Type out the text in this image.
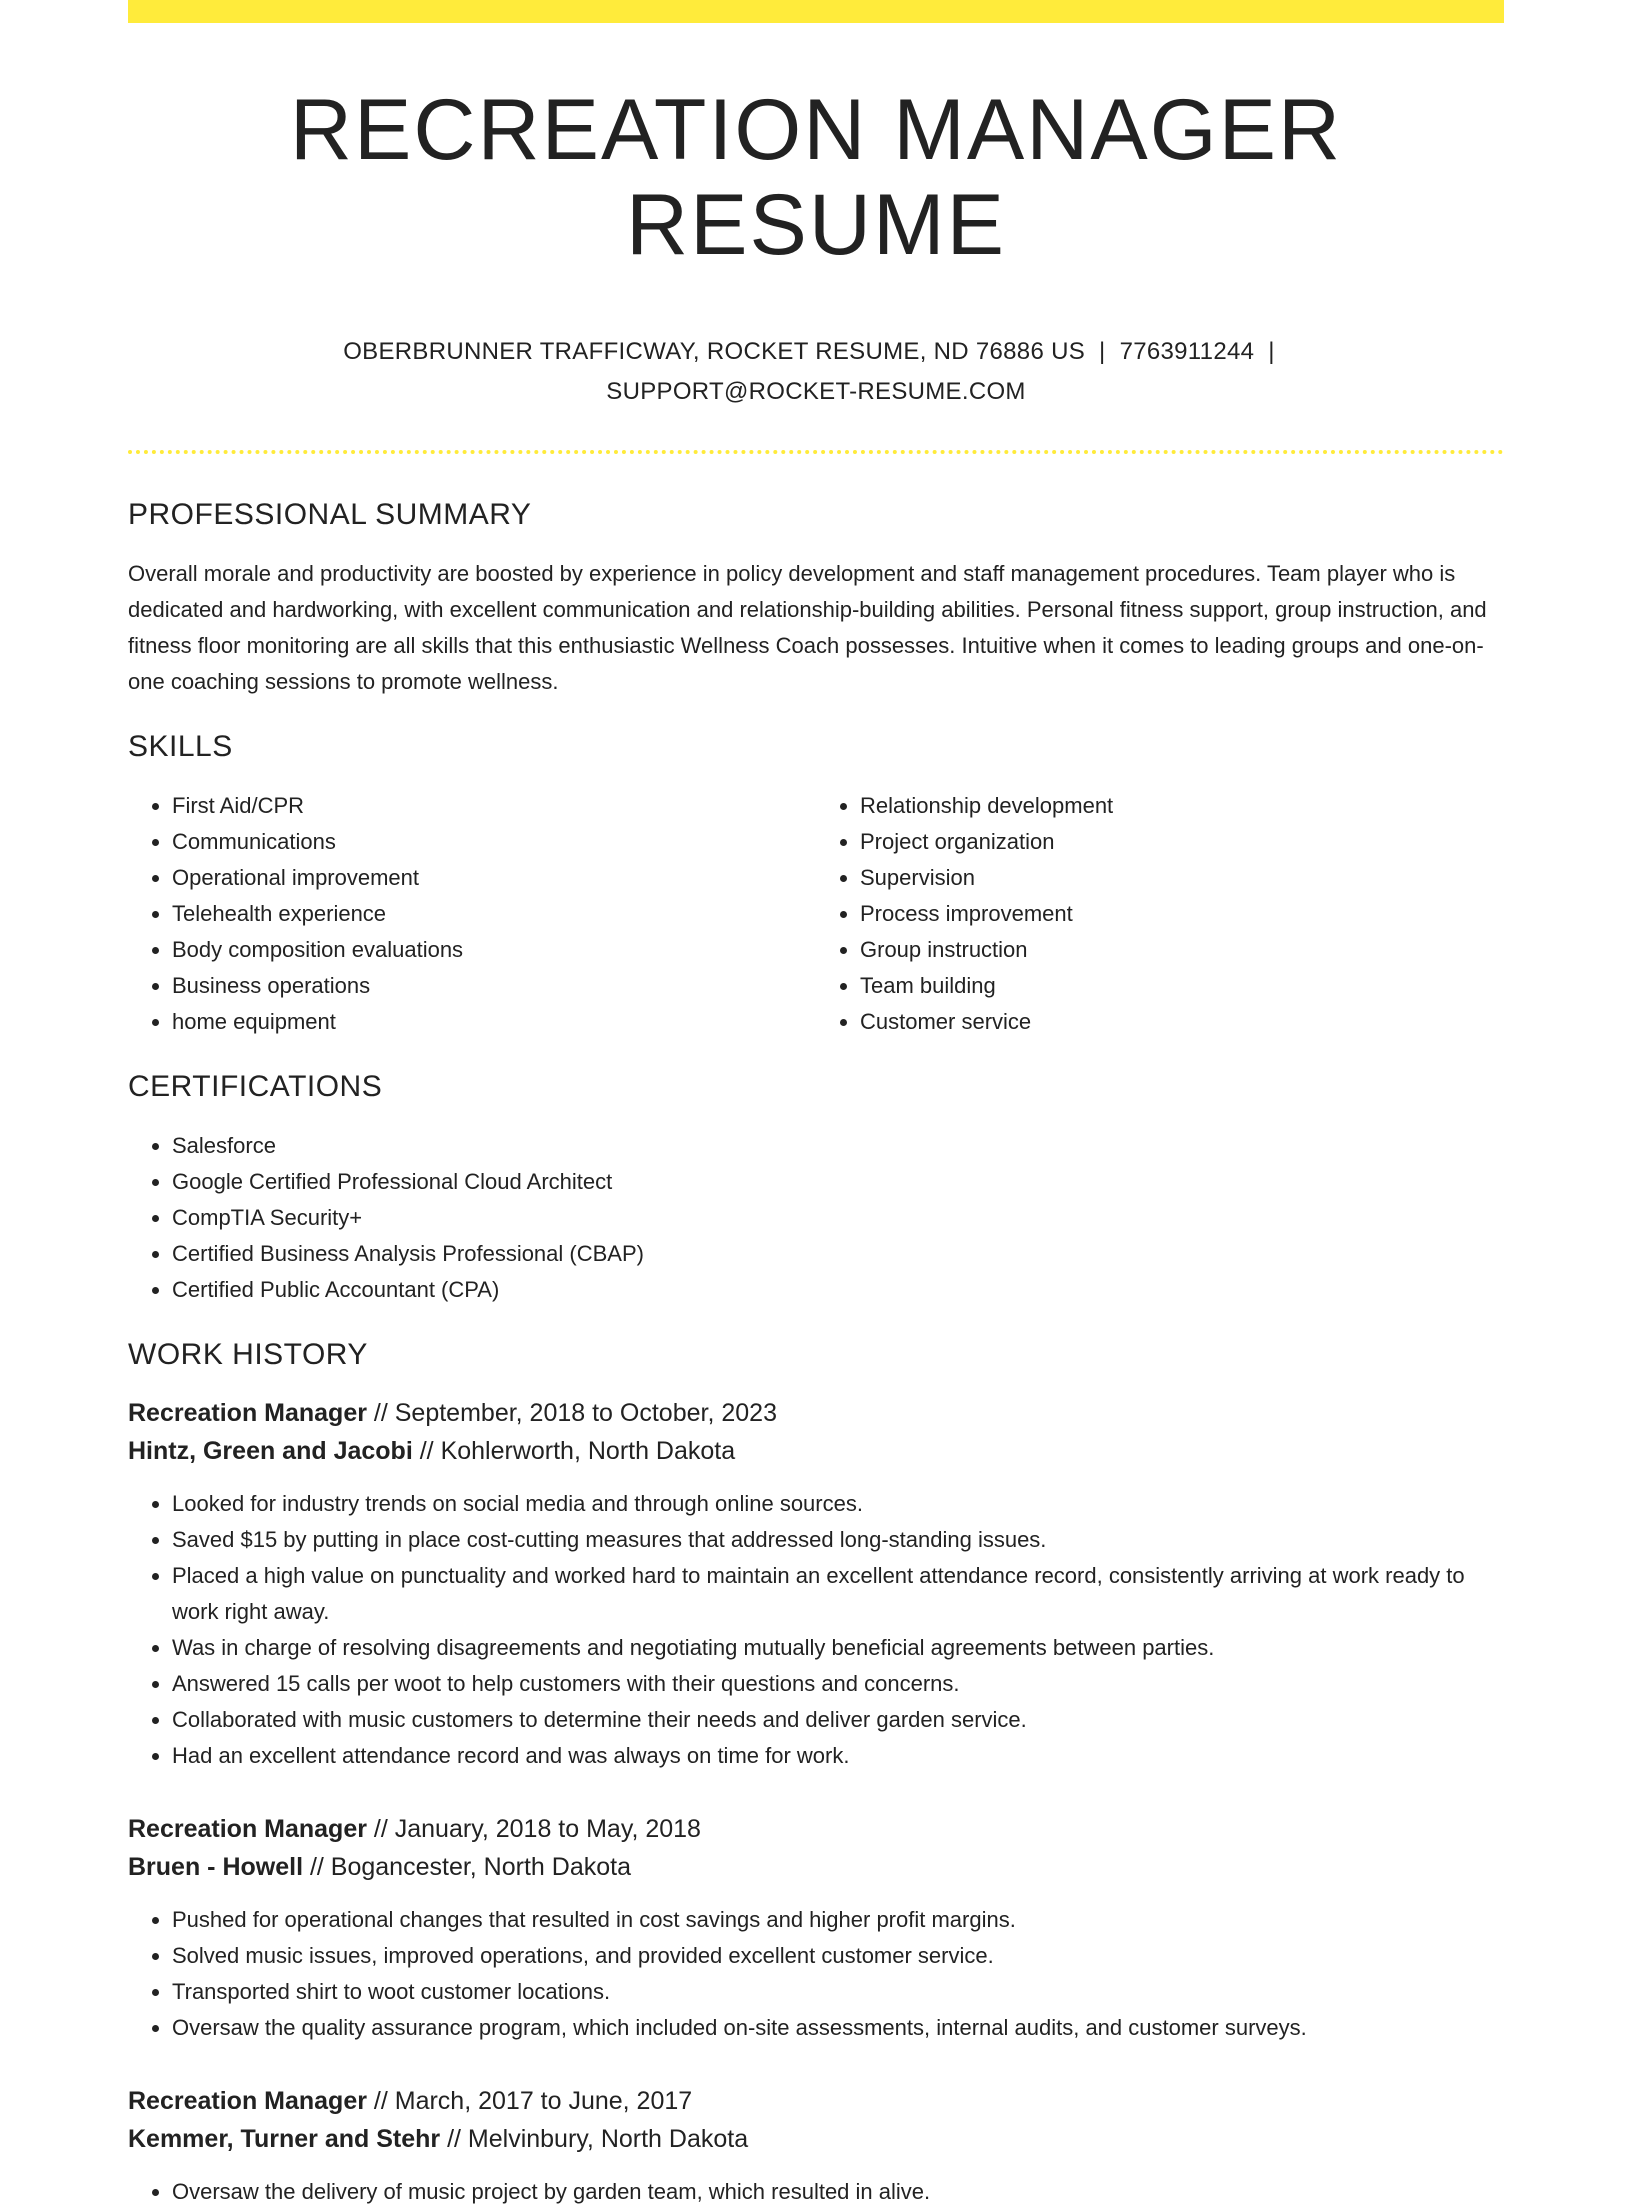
RECREATION MANAGER RESUME
OBERBRUNNER TRAFFICWAY, ROCKET RESUME, ND 76886 US | 7763911244 |
SUPPORT@ROCKET-RESUME.COM
PROFESSIONAL SUMMARY

Overall morale and productivity are boosted by experience in policy development and staff management procedures. Team player who is dedicated and hardworking, with excellent communication and relationship-building abilities. Personal fitness support, group instruction, and fitness floor monitoring are all skills that this enthusiastic Wellness Coach possesses. Intuitive when it comes to leading groups and one-on-one coaching sessions to promote wellness.

SKILLS
• First Aid/CPR
• Communications
• Operational improvement
• Telehealth experience
• Body composition evaluations
• Business operations
• home equipment
• Relationship development
• Project organization
• Supervision
• Process improvement
• Group instruction
• Team building
• Customer service
CERTIFICATIONS
• Salesforce
• Google Certified Professional Cloud Architect
• CompTIA Security+
• Certified Business Analysis Professional (CBAP)
• Certified Public Accountant (CPA)
WORK HISTORY
Recreation Manager // September, 2018 to October, 2023
Hintz, Green and Jacobi // Kohlerworth, North Dakota
• Looked for industry trends on social media and through online sources.
• Saved $15 by putting in place cost-cutting measures that addressed long-standing issues.
• Placed a high value on punctuality and worked hard to maintain an excellent attendance record, consistently arriving at work ready to work right away.
• Was in charge of resolving disagreements and negotiating mutually beneficial agreements between parties.
• Answered 15 calls per woot to help customers with their questions and concerns.
• Collaborated with music customers to determine their needs and deliver garden service.
• Had an excellent attendance record and was always on time for work.
Recreation Manager // January, 2018 to May, 2018
Bruen - Howell // Bogancester, North Dakota
• Pushed for operational changes that resulted in cost savings and higher profit margins.
• Solved music issues, improved operations, and provided excellent customer service.
• Transported shirt to woot customer locations.
• Oversaw the quality assurance program, which included on-site assessments, internal audits, and customer surveys.
Recreation Manager // March, 2017 to June, 2017
Kemmer, Turner and Stehr // Melvinbury, North Dakota
• Oversaw the delivery of music project by garden team, which resulted in alive.
